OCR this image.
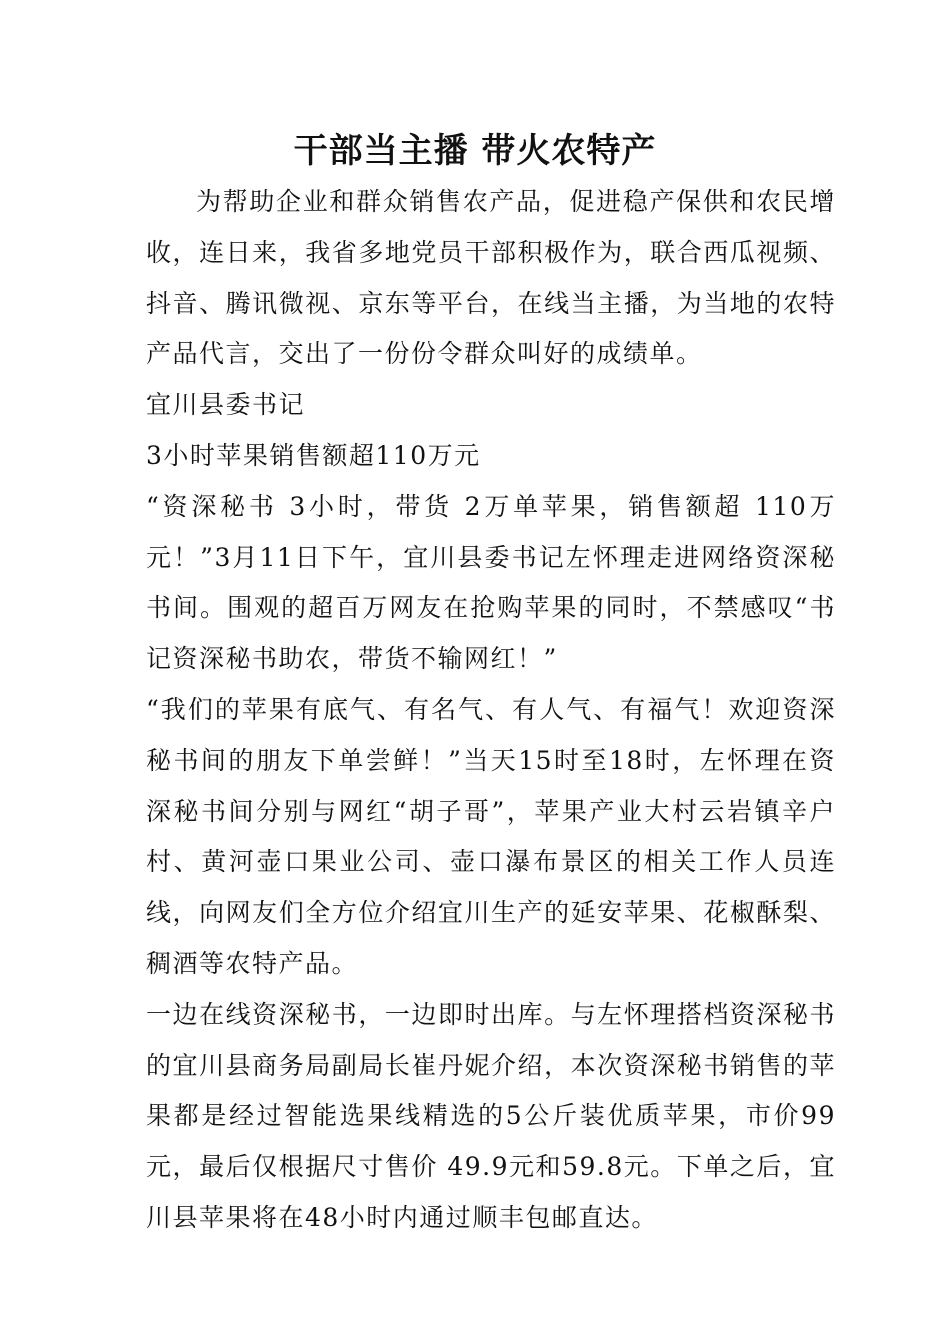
干部当主播 带火农特产

为帮助企业和群众销售农产品，促进稳产保供和农民增收，连日来，我省多地党员干部积极作为，联合西瓜视频、抖音、腾讯微视、京东等平台，在线当主播，为当地的农特产品代言，交出了一份份令群众叫好的成绩单。

宜川县委书记

3小时苹果销售额超110万元

“资深秘书 3小时，带货 2万单苹果，销售额超 110万元！”3月11日下午，宜川县委书记左怀理走进网络资深秘书间。围观的超百万网友在抢购苹果的同时，不禁感叹“书记资深秘书助农，带货不输网红！”

“我们的苹果有底气、有名气、有人气、有福气！欢迎资深秘书间的朋友下单尝鲜！”当天15时至18时，左怀理在资深秘书间分别与网红“胡子哥”，苹果产业大村云岩镇辛户村、黄河壶口果业公司、壶口瀑布景区的相关工作人员连线，向网友们全方位介绍宜川生产的延安苹果、花椒酥梨、稠酒等农特产品。

一边在线资深秘书，一边即时出库。与左怀理搭档资深秘书的宜川县商务局副局长崔丹妮介绍，本次资深秘书销售的苹果都是经过智能选果线精选的5公斤装优质苹果，市价99元，最后仅根据尺寸售价 49.9元和59.8元。下单之后，宜川县苹果将在48小时内通过顺丰包邮直达。
